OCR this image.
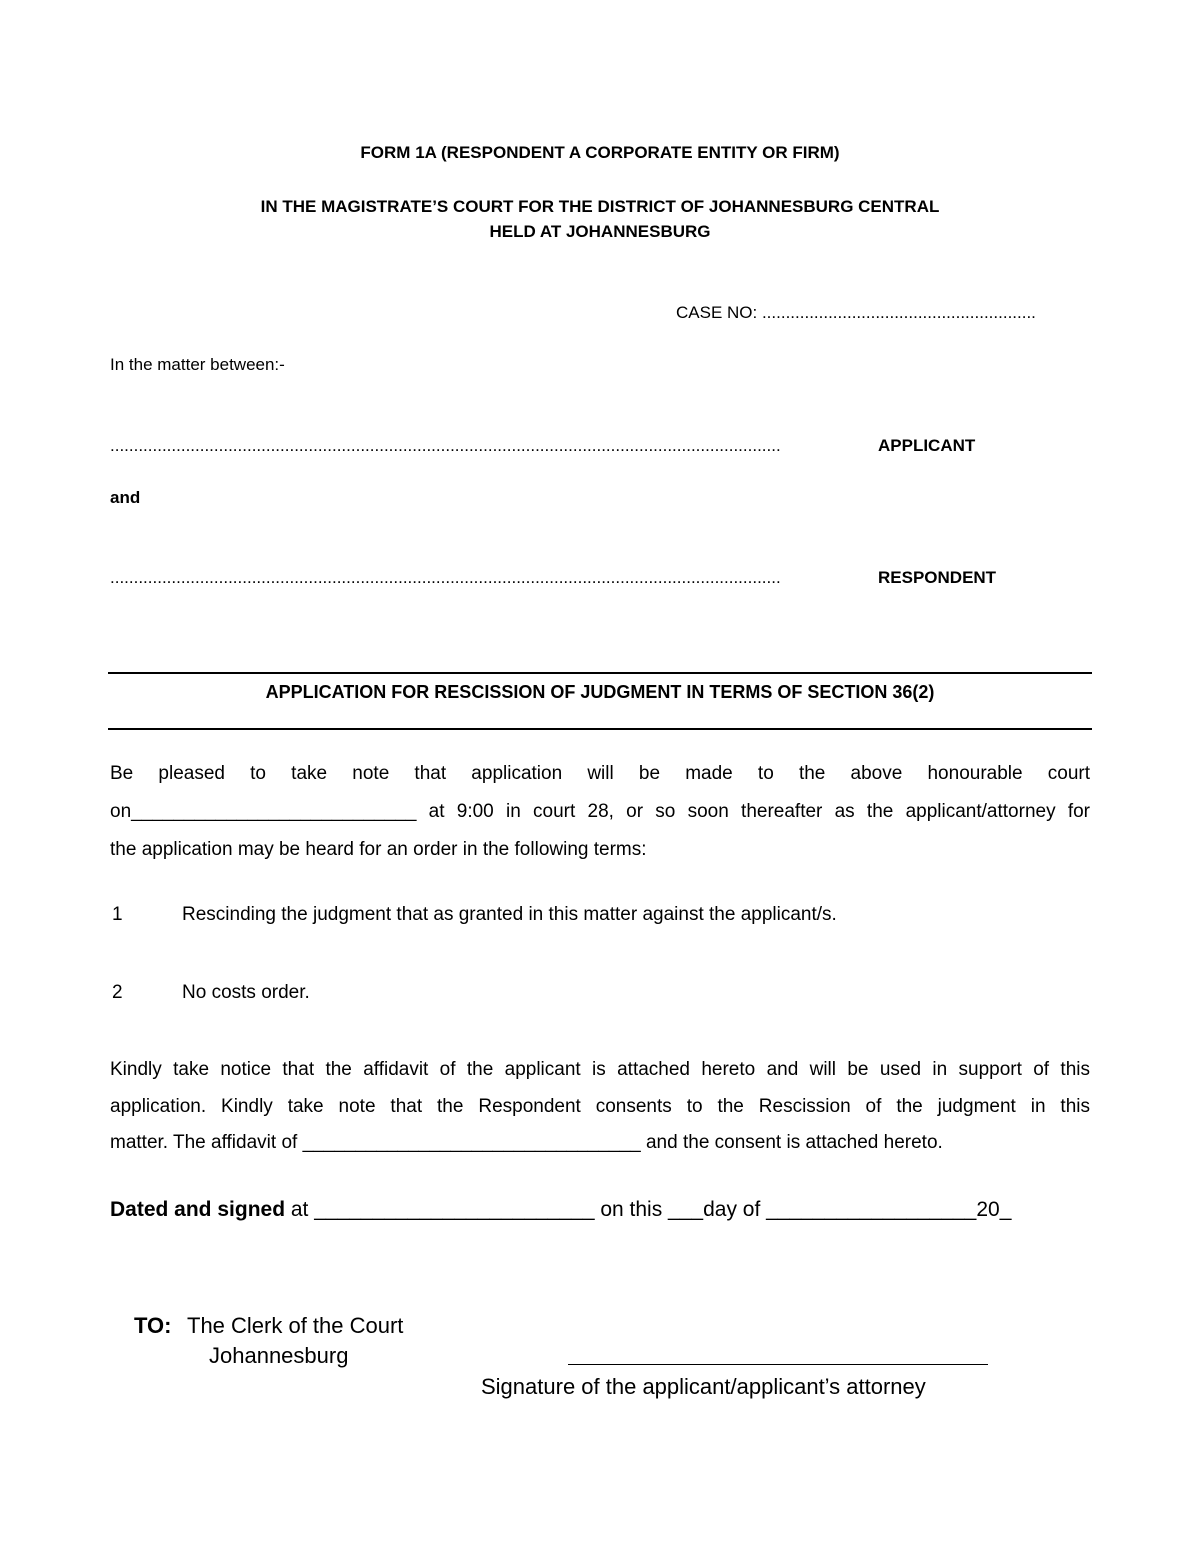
FORM 1A (RESPONDENT A CORPORATE ENTITY OR FIRM)
IN THE MAGISTRATE’S COURT FOR THE DISTRICT OF JOHANNESBURG CENTRAL
HELD AT JOHANNESBURG
CASE NO: ..........................................................
In the matter between:-
..............................................................................................................................................	APPLICANT
and
..............................................................................................................................................	RESPONDENT
APPLICATION FOR RESCISSION OF JUDGMENT IN TERMS OF SECTION 36(2)
Be pleased to take note that application will be made to the above honourable court
on___________________________ at 9:00 in court 28, or so soon thereafter as the applicant/attorney for
the application may be heard for an order in the following terms:
1	Rescinding the judgment that as granted in this matter against the applicant/s.
2	No costs order.
Kindly take notice that the affidavit of the applicant is attached hereto and will be used in support of this
application. Kindly take note that the Respondent consents to the Rescission of the judgment in this
matter. The affidavit of ________________________________ and the consent is attached hereto.
Dated and signed at ________________________ on this ___day of __________________20_
TO: The Clerk of the Court
Johannesburg
Signature of the applicant/applicant’s attorney
